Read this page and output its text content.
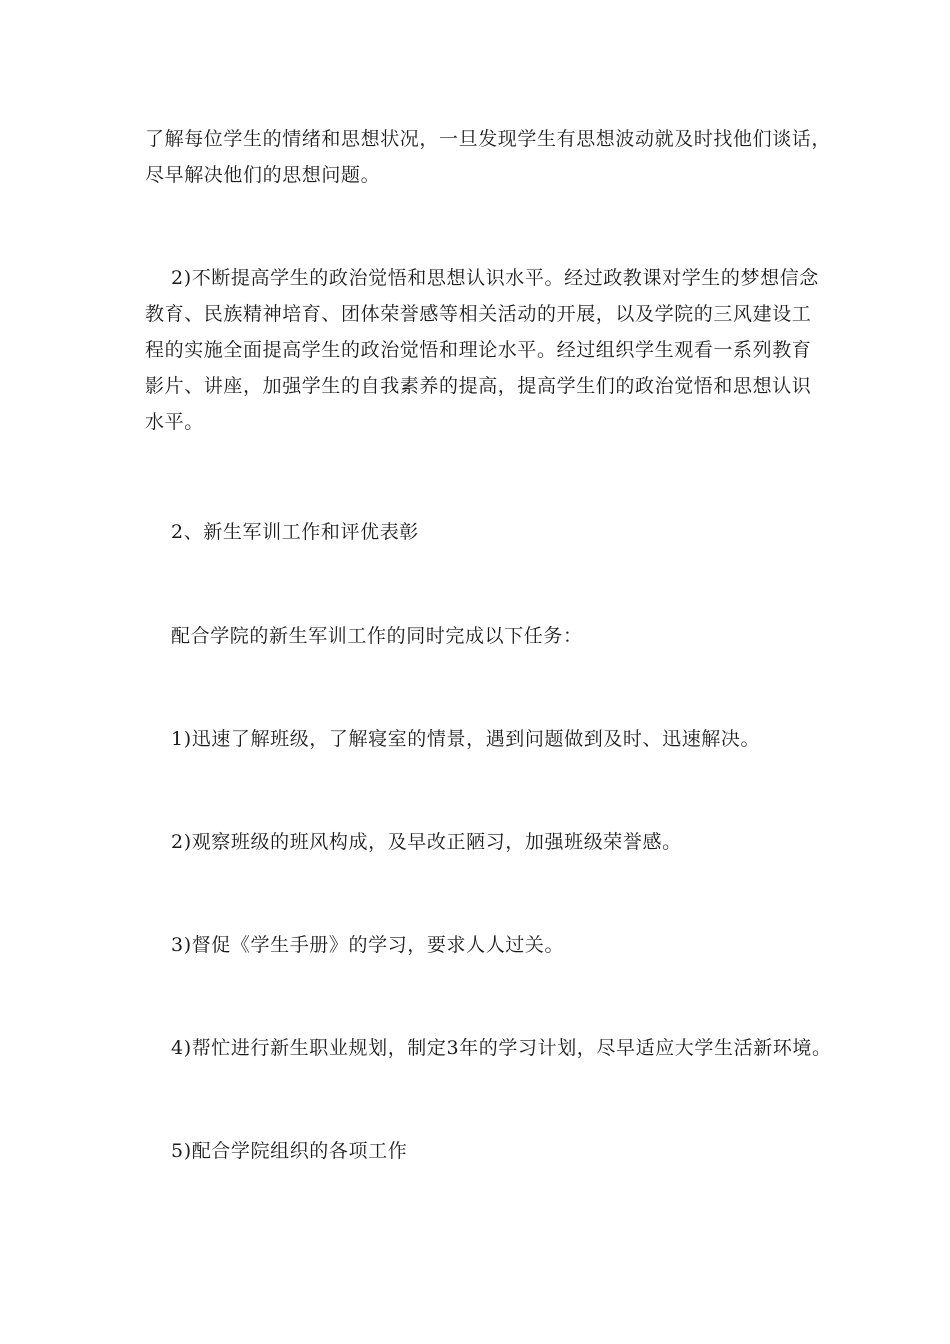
了解每位学生的情绪和思想状况，一旦发现学生有思想波动就及时找他们谈话，
尽早解决他们的思想问题。
2)不断提高学生的政治觉悟和思想认识水平。经过政教课对学生的梦想信念
教育、民族精神培育、团体荣誉感等相关活动的开展，以及学院的三风建设工
程的实施全面提高学生的政治觉悟和理论水平。经过组织学生观看一系列教育
影片、讲座，加强学生的自我素养的提高，提高学生们的政治觉悟和思想认识
水平。
2、新生军训工作和评优表彰
配合学院的新生军训工作的同时完成以下任务：
1)迅速了解班级，了解寝室的情景，遇到问题做到及时、迅速解决。
2)观察班级的班风构成，及早改正陋习，加强班级荣誉感。
3)督促《学生手册》的学习，要求人人过关。
4)帮忙进行新生职业规划，制定3年的学习计划，尽早适应大学生活新环境。
5)配合学院组织的各项工作
